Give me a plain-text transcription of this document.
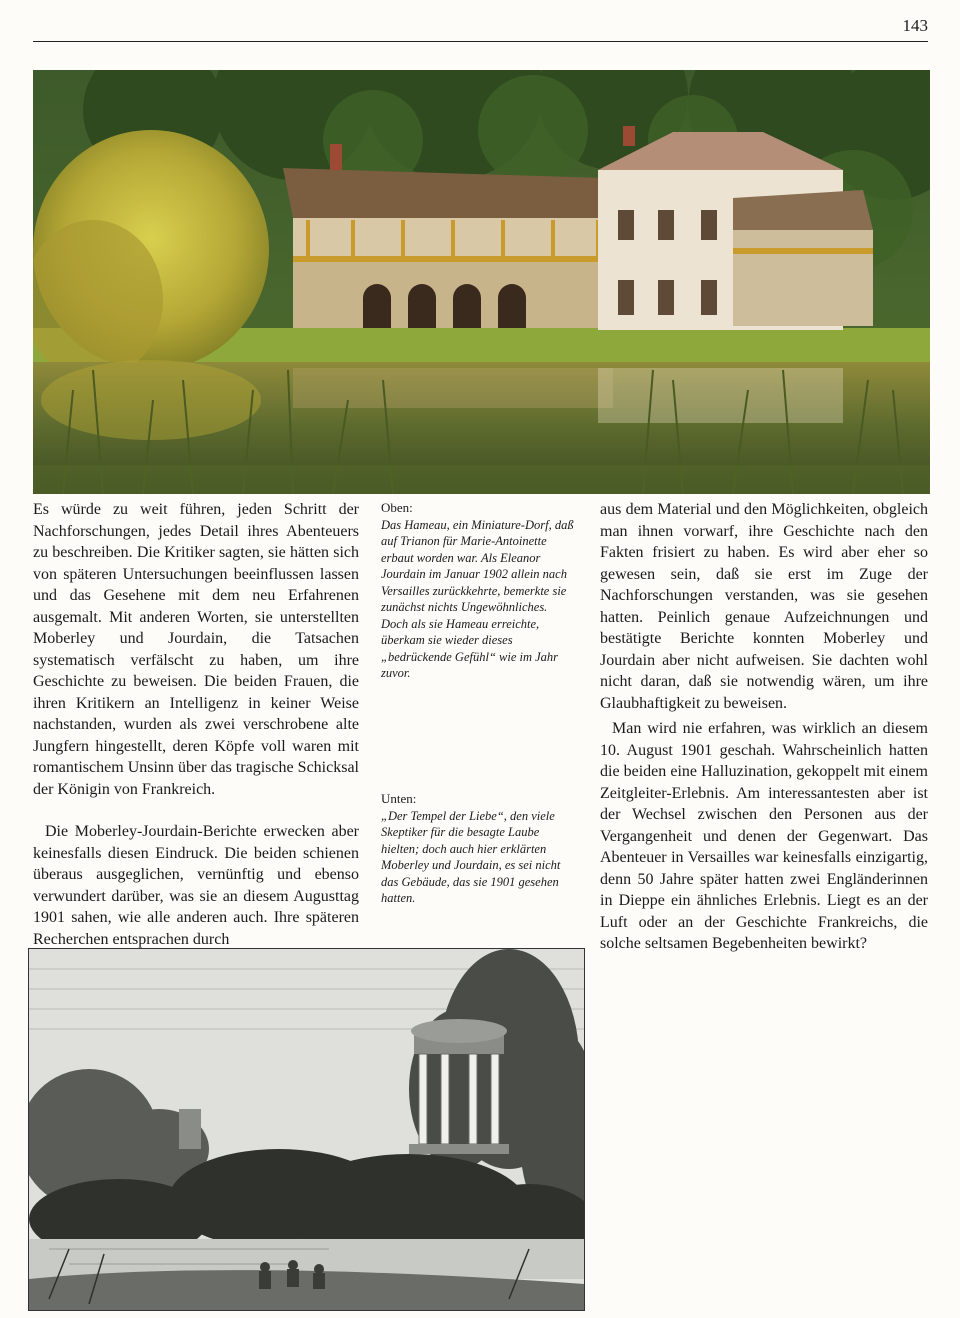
143

Es würde zu weit führen, jeden Schritt der Nachforschungen, jedes Detail ihres Abenteuers zu beschreiben. Die Kritiker sagten, sie hätten sich von späteren Untersuchungen beeinflussen lassen und das Gesehene mit dem neu Erfahrenen ausgemalt. Mit anderen Worten, sie unterstellten Moberley und Jourdain, die Tatsachen systematisch verfälscht zu haben, um ihre Geschichte zu beweisen. Die beiden Frauen, die ihren Kritikern an Intelligenz in keiner Weise nachstanden, wurden als zwei verschrobene alte Jungfern hingestellt, deren Köpfe voll waren mit romantischem Unsinn über das tragische Schicksal der Königin von Frankreich.

Die Moberley-Jourdain-Berichte erwecken aber keinesfalls diesen Eindruck. Die beiden schienen überaus ausgeglichen, vernünftig und ebenso verwundert darüber, was sie an diesem Augusttag 1901 sahen, wie alle anderen auch. Ihre späteren Recherchen entsprachen durch

Oben:
Das Hameau, ein Miniature-Dorf, daß auf Trianon für Marie-Antoinette erbaut worden war. Als Eleanor Jourdain im Januar 1902 allein nach Versailles zurückkehrte, bemerkte sie zunächst nichts Ungewöhnliches. Doch als sie Hameau erreichte, überkam sie wieder dieses „bedrückende Gefühl“ wie im Jahr zuvor.
Unten:
„Der Tempel der Liebe“, den viele Skeptiker für die besagte Laube hielten; doch auch hier erklärten Moberley und Jourdain, es sei nicht das Gebäude, das sie 1901 gesehen hatten.

aus dem Material und den Möglichkeiten, obgleich man ihnen vorwarf, ihre Geschichte nach den Fakten frisiert zu haben. Es wird aber eher so gewesen sein, daß sie erst im Zuge der Nachforschungen verstanden, was sie gesehen hatten. Peinlich genaue Aufzeichnungen und bestätigte Berichte konnten Moberley und Jourdain aber nicht aufweisen. Sie dachten wohl nicht daran, daß sie notwendig wären, um ihre Glaubhaftigkeit zu beweisen.

Man wird nie erfahren, was wirklich an diesem 10. August 1901 geschah. Wahrscheinlich hatten die beiden eine Halluzination, gekoppelt mit einem Zeitgleiter-Erlebnis. Am interessantesten aber ist der Wechsel zwischen den Personen aus der Vergangenheit und denen der Gegenwart. Das Abenteuer in Versailles war keinesfalls einzigartig, denn 50 Jahre später hatten zwei Engländerinnen in Dieppe ein ähnliches Erlebnis. Liegt es an der Luft oder an der Geschichte Frankreichs, die solche seltsamen Begebenheiten bewirkt?
